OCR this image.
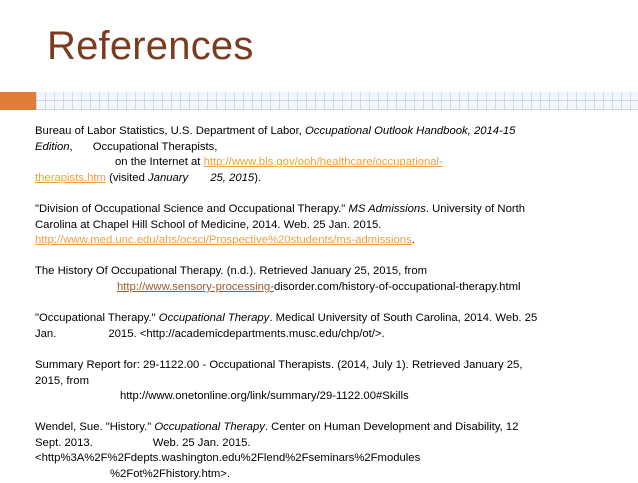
References
Bureau of Labor Statistics, U.S. Department of Labor, Occupational Outlook Handbook, 2014-15
Edition, Occupational Therapists,
on the Internet at http://www.bls.gov/ooh/healthcare/occupational-
therapists.htm (visited January 25, 2015).
"Division of Occupational Science and Occupational Therapy." MS Admissions. University of North
Carolina at Chapel Hill School of Medicine, 2014. Web. 25 Jan. 2015.
http://www.med.unc.edu/ahs/ocsci/Prospective%20students/ms-admissions.
The History Of Occupational Therapy. (n.d.). Retrieved January 25, 2015, from
http://www.sensory-processing-disorder.com/history-of-occupational-therapy.html
"Occupational Therapy." Occupational Therapy. Medical University of South Carolina, 2014. Web. 25
Jan.	2015. <http://academicdepartments.musc.edu/chp/ot/>.
Summary Report for: 29-1122.00 - Occupational Therapists. (2014, July 1). Retrieved January 25,
2015, from
http://www.onetonline.org/link/summary/29-1122.00#Skills
Wendel, Sue. "History." Occupational Therapy. Center on Human Development and Disability, 12
Sept. 2013.	Web. 25 Jan. 2015.
<http%3A%2F%2Fdepts.washington.edu%2Flend%2Fseminars%2Fmodules
%2Fot%2Fhistory.htm>.
